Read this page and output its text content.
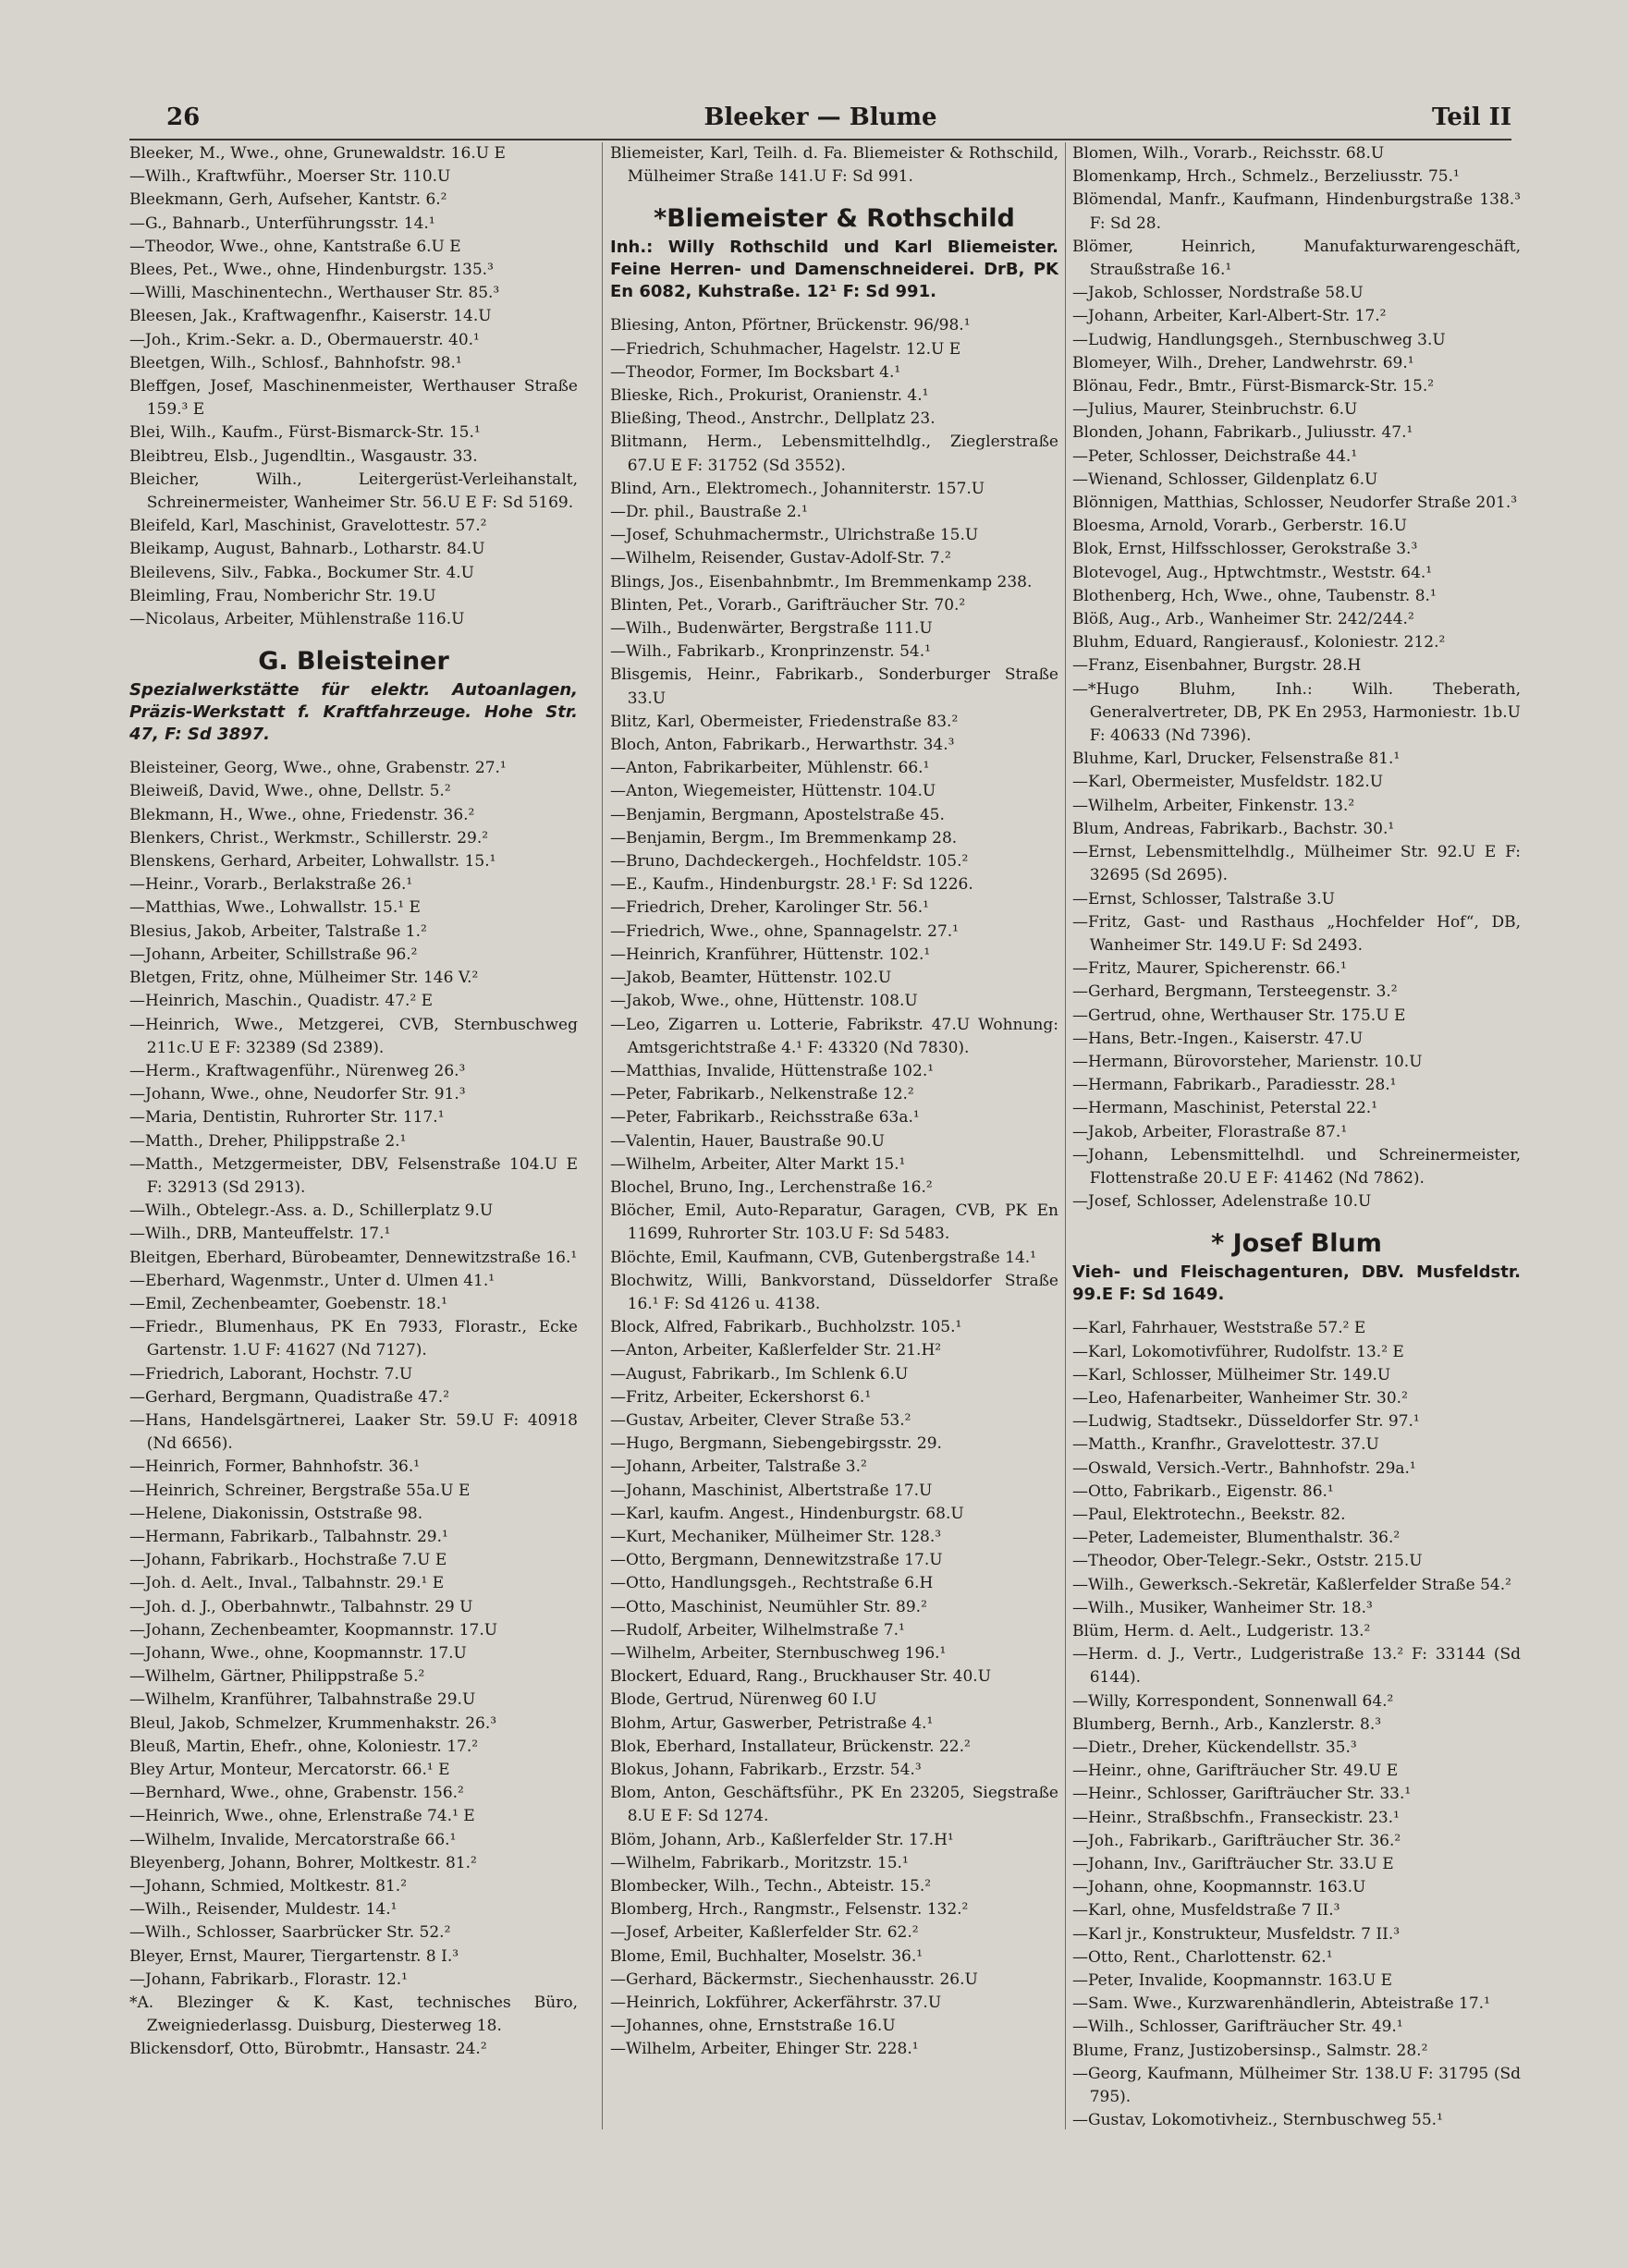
26	Bleeker — Blume	Teil II
Bleeker, M., Wwe., ohne, Grunewaldstr. 16.U E
—Wilh., Kraftwführ., Moerser Str. 110.U
Bleekmann, Gerh, Aufseher, Kantstr. 6.²
—G., Bahnarb., Unterführungsstr. 14.¹
—Theodor, Wwe., ohne, Kantstraße 6.U E
Blees, Pet., Wwe., ohne, Hindenburgstr. 135.³
—Willi, Maschinentechn., Werthauser Str. 85.³
Bleesen, Jak., Kraftwagenfhr., Kaiserstr. 14.U
—Joh., Krim.-Sekr. a. D., Obermauerstr. 40.¹
Bleetgen, Wilh., Schlosf., Bahnhofstr. 98.¹
Bleffgen, Josef, Maschinenmeister, Werthauser Straße 159.³ E
Blei, Wilh., Kaufm., Fürst-Bismarck-Str. 15.¹
Bleibtreu, Elsb., Jugendltin., Wasgaustr. 33.
Bleicher, Wilh., Leitergerüst-Verleihanstalt, Schreinermeister, Wanheimer Str. 56.U E F: Sd 5169.
Bleifeld, Karl, Maschinist, Gravelottestr. 57.²
Bleikamp, August, Bahnarb., Lotharstr. 84.U
Bleilevens, Silv., Fabka., Bockumer Str. 4.U
Bleimling, Frau, Nomberichr Str. 19.U
—Nicolaus, Arbeiter, Mühlenstraße 116.U
G. Bleisteiner
Spezialwerkstätte für elektr. Autoanlagen, Präzis-Werkstatt f. Kraftfahrzeuge. Hohe Str. 47, F: Sd 3897.
Bleisteiner, Georg, Wwe., ohne, Grabenstr. 27.¹
Bleiweiß, David, Wwe., ohne, Dellstr. 5.²
Blekmann, H., Wwe., ohne, Friedenstr. 36.²
Blenkers, Christ., Werkmstr., Schillerstr. 29.²
Blenskens, Gerhard, Arbeiter, Lohwallstr. 15.¹
—Heinr., Vorarb., Berlakstraße 26.¹
—Matthias, Wwe., Lohwallstr. 15.¹ E
Blesius, Jakob, Arbeiter, Talstraße 1.²
—Johann, Arbeiter, Schillstraße 96.²
Bletgen, Fritz, ohne, Mülheimer Str. 146 V.²
—Heinrich, Maschin., Quadistr. 47.² E
—Heinrich, Wwe., Metzgerei, CVB, Sternbuschweg 211c.U E F: 32389 (Sd 2389).
—Herm., Kraftwagenführ., Nürenweg 26.³
—Johann, Wwe., ohne, Neudorfer Str. 91.³
—Maria, Dentistin, Ruhrorter Str. 117.¹
—Matth., Dreher, Philippstraße 2.¹
—Matth., Metzgermeister, DBV, Felsenstraße 104.U E F: 32913 (Sd 2913).
—Wilh., Obtelegr.-Ass. a. D., Schillerplatz 9.U
—Wilh., DRB, Manteuffelstr. 17.¹
Bleitgen, Eberhard, Bürobeamter, Dennewitzstraße 16.¹
—Eberhard, Wagenmstr., Unter d. Ulmen 41.¹
—Emil, Zechenbeamter, Goebenstr. 18.¹
—Friedr., Blumenhaus, PK En 7933, Florastr., Ecke Gartenstr. 1.U F: 41627 (Nd 7127).
—Friedrich, Laborant, Hochstr. 7.U
—Gerhard, Bergmann, Quadistraße 47.²
—Hans, Handelsgärtnerei, Laaker Str. 59.U F: 40918 (Nd 6656).
—Heinrich, Former, Bahnhofstr. 36.¹
—Heinrich, Schreiner, Bergstraße 55a.U E
—Helene, Diakonissin, Oststraße 98.
—Hermann, Fabrikarb., Talbahnstr. 29.¹
—Johann, Fabrikarb., Hochstraße 7.U E
—Joh. d. Aelt., Inval., Talbahnstr. 29.¹ E
—Joh. d. J., Oberbahnwtr., Talbahnstr. 29 U
—Johann, Zechenbeamter, Koopmannstr. 17.U
—Johann, Wwe., ohne, Koopmannstr. 17.U
—Wilhelm, Gärtner, Philippstraße 5.²
—Wilhelm, Kranführer, Talbahnstraße 29.U
Bleul, Jakob, Schmelzer, Krummenhakstr. 26.³
Bleuß, Martin, Ehefr., ohne, Koloniestr. 17.²
Bley Artur, Monteur, Mercatorstr. 66.¹ E
—Bernhard, Wwe., ohne, Grabenstr. 156.²
—Heinrich, Wwe., ohne, Erlenstraße 74.¹ E
—Wilhelm, Invalide, Mercatorstraße 66.¹
Bleyenberg, Johann, Bohrer, Moltkestr. 81.²
—Johann, Schmied, Moltkestr. 81.²
—Wilh., Reisender, Muldestr. 14.¹
—Wilh., Schlosser, Saarbrücker Str. 52.²
Bleyer, Ernst, Maurer, Tiergartenstr. 8 I.³
—Johann, Fabrikarb., Florastr. 12.¹
*A. Blezinger & K. Kast, technisches Büro, Zweigniederlassg. Duisburg, Diesterweg 18.
Blickensdorf, Otto, Bürobmtr., Hansastr. 24.²
Bliemeister, Karl, Teilh. d. Fa. Bliemeister & Rothschild, Mülheimer Straße 141.U F: Sd 991.
*Bliemeister & Rothschild
Inh.: Willy Rothschild und Karl Bliemeister. Feine Herren- und Damenschneiderei. DrB, PK En 6082, Kuhstraße. 12¹ F: Sd 991.
Bliesing, Anton, Pförtner, Brückenstr. 96/98.¹
—Friedrich, Schuhmacher, Hagelstr. 12.U E
—Theodor, Former, Im Bocksbart 4.¹
Blieske, Rich., Prokurist, Oranienstr. 4.¹
Bließing, Theod., Anstrchr., Dellplatz 23.
Blitmann, Herm., Lebensmittelhdlg., Zieglerstraße 67.U E F: 31752 (Sd 3552).
Blind, Arn., Elektromech., Johanniterstr. 157.U
—Dr. phil., Baustraße 2.¹
—Josef, Schuhmachermstr., Ulrichstraße 15.U
—Wilhelm, Reisender, Gustav-Adolf-Str. 7.²
Blings, Jos., Eisenbahnbmtr., Im Bremmenkamp 238.
Blinten, Pet., Vorarb., Garifträucher Str. 70.²
—Wilh., Budenwärter, Bergstraße 111.U
—Wilh., Fabrikarb., Kronprinzenstr. 54.¹
Blisgemis, Heinr., Fabrikarb., Sonderburger Straße 33.U
Blitz, Karl, Obermeister, Friedenstraße 83.²
Bloch, Anton, Fabrikarb., Herwarthstr. 34.³
—Anton, Fabrikarbeiter, Mühlenstr. 66.¹
—Anton, Wiegemeister, Hüttenstr. 104.U
—Benjamin, Bergmann, Apostelstraße 45.
—Benjamin, Bergm., Im Bremmenkamp 28.
—Bruno, Dachdeckergeh., Hochfeldstr. 105.²
—E., Kaufm., Hindenburgstr. 28.¹ F: Sd 1226.
—Friedrich, Dreher, Karolinger Str. 56.¹
—Friedrich, Wwe., ohne, Spannagelstr. 27.¹
—Heinrich, Kranführer, Hüttenstr. 102.¹
—Jakob, Beamter, Hüttenstr. 102.U
—Jakob, Wwe., ohne, Hüttenstr. 108.U
—Leo, Zigarren u. Lotterie, Fabrikstr. 47.U Wohnung: Amtsgerichtstraße 4.¹ F: 43320 (Nd 7830).
—Matthias, Invalide, Hüttenstraße 102.¹
—Peter, Fabrikarb., Nelkenstraße 12.²
—Peter, Fabrikarb., Reichsstraße 63a.¹
—Valentin, Hauer, Baustraße 90.U
—Wilhelm, Arbeiter, Alter Markt 15.¹
Blochel, Bruno, Ing., Lerchenstraße 16.²
Blöcher, Emil, Auto-Reparatur, Garagen, CVB, PK En 11699, Ruhrorter Str. 103.U F: Sd 5483.
Blöchte, Emil, Kaufmann, CVB, Gutenbergstraße 14.¹
Blochwitz, Willi, Bankvorstand, Düsseldorfer Straße 16.¹ F: Sd 4126 u. 4138.
Block, Alfred, Fabrikarb., Buchholzstr. 105.¹
—Anton, Arbeiter, Kaßlerfelder Str. 21.H²
—August, Fabrikarb., Im Schlenk 6.U
—Fritz, Arbeiter, Eckershorst 6.¹
—Gustav, Arbeiter, Clever Straße 53.²
—Hugo, Bergmann, Siebengebirgsstr. 29.
—Johann, Arbeiter, Talstraße 3.²
—Johann, Maschinist, Albertstraße 17.U
—Karl, kaufm. Angest., Hindenburgstr. 68.U
—Kurt, Mechaniker, Mülheimer Str. 128.³
—Otto, Bergmann, Dennewitzstraße 17.U
—Otto, Handlungsgeh., Rechtstraße 6.H
—Otto, Maschinist, Neumühler Str. 89.²
—Rudolf, Arbeiter, Wilhelmstraße 7.¹
—Wilhelm, Arbeiter, Sternbuschweg 196.¹
Blockert, Eduard, Rang., Bruckhauser Str. 40.U
Blode, Gertrud, Nürenweg 60 I.U
Blohm, Artur, Gaswerber, Petristraße 4.¹
Blok, Eberhard, Installateur, Brückenstr. 22.²
Blokus, Johann, Fabrikarb., Erzstr. 54.³
Blom, Anton, Geschäftsführ., PK En 23205, Siegstraße 8.U E F: Sd 1274.
Blöm, Johann, Arb., Kaßlerfelder Str. 17.H¹
—Wilhelm, Fabrikarb., Moritzstr. 15.¹
Blombecker, Wilh., Techn., Abteistr. 15.²
Blomberg, Hrch., Rangmstr., Felsenstr. 132.²
—Josef, Arbeiter, Kaßlerfelder Str. 62.²
Blome, Emil, Buchhalter, Moselstr. 36.¹
—Gerhard, Bäckermstr., Siechenhausstr. 26.U
—Heinrich, Lokführer, Ackerfährstr. 37.U
—Johannes, ohne, Ernststraße 16.U
—Wilhelm, Arbeiter, Ehinger Str. 228.¹
Blomen, Wilh., Vorarb., Reichsstr. 68.U
Blomenkamp, Hrch., Schmelz., Berzeliusstr. 75.¹
Blömendal, Manfr., Kaufmann, Hindenburgstraße 138.³ F: Sd 28.
Blömer, Heinrich, Manufakturwarengeschäft, Straußstraße 16.¹
—Jakob, Schlosser, Nordstraße 58.U
—Johann, Arbeiter, Karl-Albert-Str. 17.²
—Ludwig, Handlungsgeh., Sternbuschweg 3.U
Blomeyer, Wilh., Dreher, Landwehrstr. 69.¹
Blönau, Fedr., Bmtr., Fürst-Bismarck-Str. 15.²
—Julius, Maurer, Steinbruchstr. 6.U
Blonden, Johann, Fabrikarb., Juliusstr. 47.¹
—Peter, Schlosser, Deichstraße 44.¹
—Wienand, Schlosser, Gildenplatz 6.U
Blönnigen, Matthias, Schlosser, Neudorfer Straße 201.³
Bloesma, Arnold, Vorarb., Gerberstr. 16.U
Blok, Ernst, Hilfsschlosser, Gerokstraße 3.³
Blotevogel, Aug., Hptwchtmstr., Weststr. 64.¹
Blothenberg, Hch, Wwe., ohne, Taubenstr. 8.¹
Blöß, Aug., Arb., Wanheimer Str. 242/244.²
Bluhm, Eduard, Rangierausf., Koloniestr. 212.²
—Franz, Eisenbahner, Burgstr. 28.H
—*Hugo Bluhm, Inh.: Wilh. Theberath, Generalvertreter, DB, PK En 2953, Harmoniestr. 1b.U F: 40633 (Nd 7396).
Bluhme, Karl, Drucker, Felsenstraße 81.¹
—Karl, Obermeister, Musfeldstr. 182.U
—Wilhelm, Arbeiter, Finkenstr. 13.²
Blum, Andreas, Fabrikarb., Bachstr. 30.¹
—Ernst, Lebensmittelhdlg., Mülheimer Str. 92.U E F: 32695 (Sd 2695).
—Ernst, Schlosser, Talstraße 3.U
—Fritz, Gast- und Rasthaus „Hochfelder Hof“, DB, Wanheimer Str. 149.U F: Sd 2493.
—Fritz, Maurer, Spicherenstr. 66.¹
—Gerhard, Bergmann, Tersteegenstr. 3.²
—Gertrud, ohne, Werthauser Str. 175.U E
—Hans, Betr.-Ingen., Kaiserstr. 47.U
—Hermann, Bürovorsteher, Marienstr. 10.U
—Hermann, Fabrikarb., Paradiesstr. 28.¹
—Hermann, Maschinist, Peterstal 22.¹
—Jakob, Arbeiter, Florastraße 87.¹
—Johann, Lebensmittelhdl. und Schreinermeister, Flottenstraße 20.U E F: 41462 (Nd 7862).
—Josef, Schlosser, Adelenstraße 10.U
* Josef Blum
Vieh- und Fleischagenturen, DBV. Musfeldstr. 99.E F: Sd 1649.
—Karl, Fahrhauer, Weststraße 57.² E
—Karl, Lokomotivführer, Rudolfstr. 13.² E
—Karl, Schlosser, Mülheimer Str. 149.U
—Leo, Hafenarbeiter, Wanheimer Str. 30.²
—Ludwig, Stadtsekr., Düsseldorfer Str. 97.¹
—Matth., Kranfhr., Gravelottestr. 37.U
—Oswald, Versich.-Vertr., Bahnhofstr. 29a.¹
—Otto, Fabrikarb., Eigenstr. 86.¹
—Paul, Elektrotechn., Beekstr. 82.
—Peter, Lademeister, Blumenthalstr. 36.²
—Theodor, Ober-Telegr.-Sekr., Oststr. 215.U
—Wilh., Gewerksch.-Sekretär, Kaßlerfelder Straße 54.²
—Wilh., Musiker, Wanheimer Str. 18.³
Blüm, Herm. d. Aelt., Ludgeristr. 13.²
—Herm. d. J., Vertr., Ludgeristraße 13.² F: 33144 (Sd 6144).
—Willy, Korrespondent, Sonnenwall 64.²
Blumberg, Bernh., Arb., Kanzlerstr. 8.³
—Dietr., Dreher, Kückendellstr. 35.³
—Heinr., ohne, Garifträucher Str. 49.U E
—Heinr., Schlosser, Garifträucher Str. 33.¹
—Heinr., Straßbschfn., Franseckistr. 23.¹
—Joh., Fabrikarb., Garifträucher Str. 36.²
—Johann, Inv., Garifträucher Str. 33.U E
—Johann, ohne, Koopmannstr. 163.U
—Karl, ohne, Musfeldstraße 7 II.³
—Karl jr., Konstrukteur, Musfeldstr. 7 II.³
—Otto, Rent., Charlottenstr. 62.¹
—Peter, Invalide, Koopmannstr. 163.U E
—Sam. Wwe., Kurzwarenhändlerin, Abteistraße 17.¹
—Wilh., Schlosser, Garifträucher Str. 49.¹
Blume, Franz, Justizobersinsp., Salmstr. 28.²
—Georg, Kaufmann, Mülheimer Str. 138.U F: 31795 (Sd 795).
—Gustav, Lokomotivheiz., Sternbuschweg 55.¹
